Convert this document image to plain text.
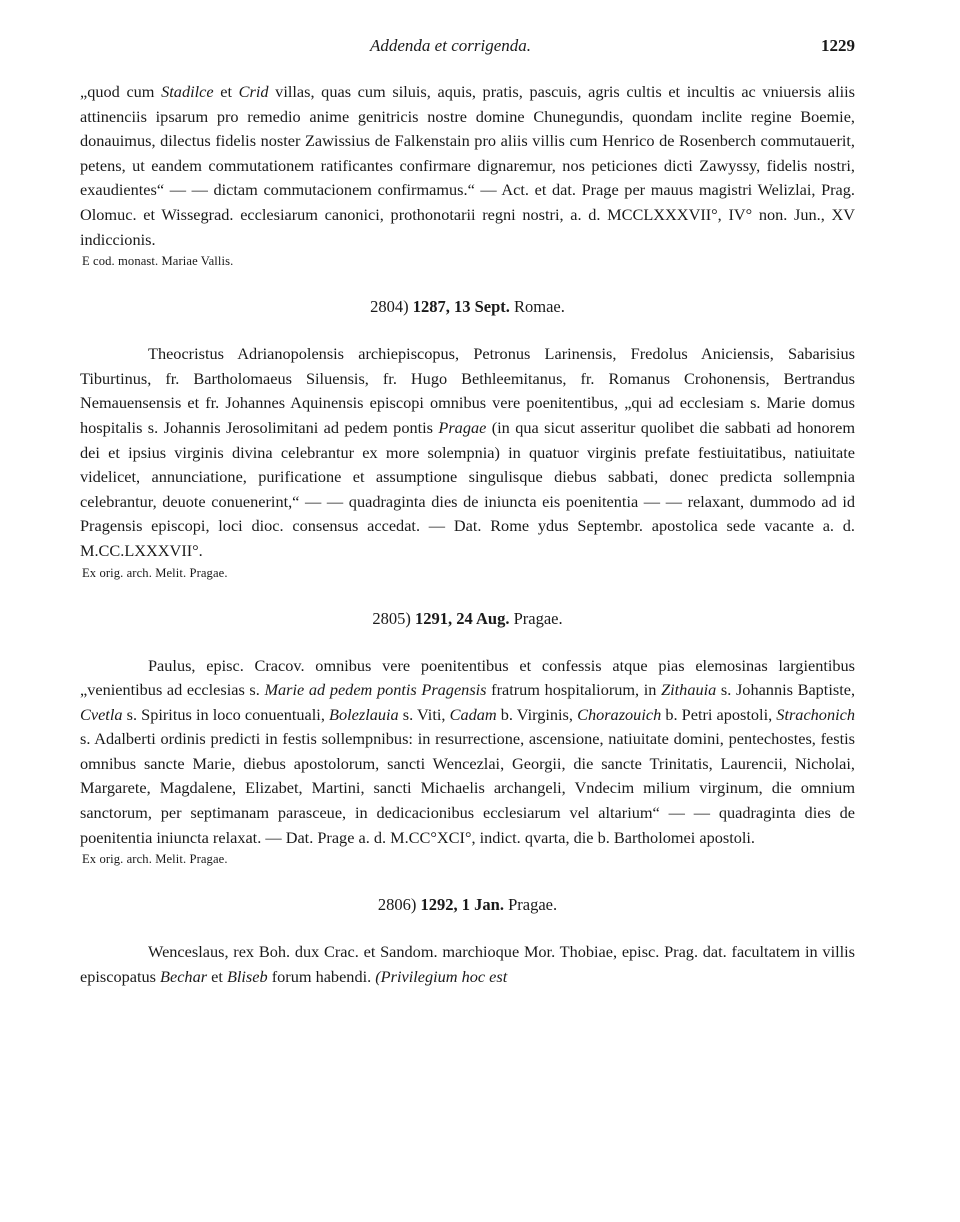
Addenda et corrigenda.	1229

„quod cum Stadilce et Crid villas, quas cum siluis, aquis, pratis, pascuis, agris cultis et incultis ac vniuersis aliis attinenciis ipsarum pro remedio anime genitricis nostre domine Chunegundis, quondam inclite regine Boemie, donauimus, dilectus fidelis noster Zawissius de Falkenstain pro aliis villis cum Henrico de Rosenberch commutauerit, petens, ut eandem commutationem ratificantes confirmare dignaremur, nos peticiones dicti Zawyssy, fidelis nostri, exaudientes“ — — dictam commutacionem confirmamus.“ — Act. et dat. Prage per mauus magistri Welizlai, Prag. Olomuc. et Wissegrad. ecclesiarum canonici, prothonotarii regni nostri, a. d. MCCLXXXVII°, IV° non. Jun., XV indiccionis.

E cod. monast. Mariae Vallis.

2804) 1287, 13 Sept. Romae.

Theocristus Adrianopolensis archiepiscopus, Petronus Larinensis, Fredolus Aniciensis, Sabarisius Tiburtinus, fr. Bartholomaeus Siluensis, fr. Hugo Bethleemitanus, fr. Romanus Crohonensis, Bertrandus Nemauensensis et fr. Johannes Aquinensis episcopi omnibus vere poenitentibus, „qui ad ecclesiam s. Marie domus hospitalis s. Johannis Jerosolimitani ad pedem pontis Pragae (in qua sicut asseritur quolibet die sabbati ad honorem dei et ipsius virginis divina celebrantur ex more solempnia) in quatuor virginis prefate festiuitatibus, natiuitate videlicet, annunciatione, purificatione et assumptione singulisque diebus sabbati, donec predicta sollempnia celebrantur, deuote conuenerint,“ — — quadraginta dies de iniuncta eis poenitentia — — relaxant, dummodo ad id Pragensis episcopi, loci dioc. consensus accedat. — Dat. Rome ydus Septembr. apostolica sede vacante a. d. M.CC.LXXXVII°.

Ex orig. arch. Melit. Pragae.

2805) 1291, 24 Aug. Pragae.

Paulus, episc. Cracov. omnibus vere poenitentibus et confessis atque pias elemosinas largientibus „venientibus ad ecclesias s. Marie ad pedem pontis Pragensis fratrum hospitaliorum, in Zithauia s. Johannis Baptiste, Cvetla s. Spiritus in loco conuentuali, Bolezlauia s. Viti, Cadam b. Virginis, Chorazouich b. Petri apostoli, Strachonich s. Adalberti ordinis predicti in festis sollempnibus: in resurrectione, ascensione, natiuitate domini, pentechostes, festis omnibus sancte Marie, diebus apostolorum, sancti Wencezlai, Georgii, die sancte Trinitatis, Laurencii, Nicholai, Margarete, Magdalene, Elizabet, Martini, sancti Michaelis archangeli, Vndecim milium virginum, die omnium sanctorum, per septimanam parasceue, in dedicacionibus ecclesiarum vel altarium“ — — quadraginta dies de poenitentia iniuncta relaxat. — Dat. Prage a. d. M.CC°XCI°, indict. qvarta, die b. Bartholomei apostoli.

Ex orig. arch. Melit. Pragae.

2806) 1292, 1 Jan. Pragae.

Wenceslaus, rex Boh. dux Crac. et Sandom. marchioque Mor. Thobiae, episc. Prag. dat. facultatem in villis episcopatus Bechar et Bliseb forum habendi. (Privilegium hoc est
